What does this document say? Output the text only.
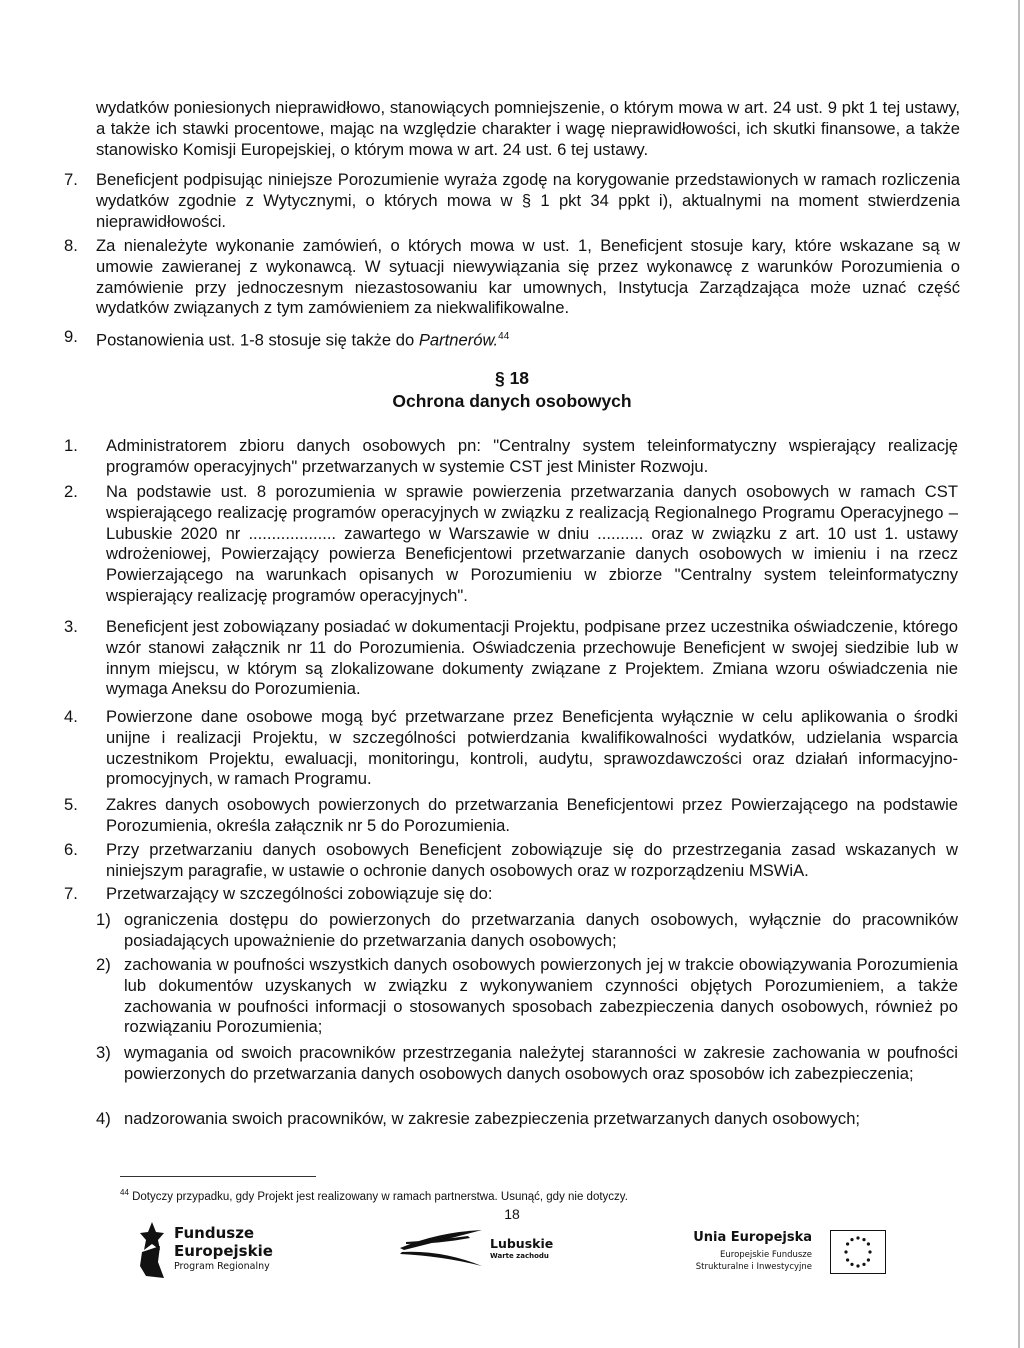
wydatków poniesionych nieprawidłowo, stanowiących pomniejszenie, o którym mowa w art. 24 ust. 9 pkt 1 tej ustawy, a także ich stawki procentowe, mając na względzie charakter i wagę nieprawidłowości, ich skutki finansowe, a także stanowisko Komisji Europejskiej, o którym mowa w art. 24 ust. 6 tej ustawy.
7. Beneficjent podpisując niniejsze Porozumienie wyraża zgodę na korygowanie przedstawionych w ramach rozliczenia wydatków zgodnie z Wytycznymi, o których mowa w § 1 pkt 34 ppkt i), aktualnymi na moment stwierdzenia nieprawidłowości.
8. Za nienależyte wykonanie zamówień, o których mowa w ust. 1, Beneficjent stosuje kary, które wskazane są w umowie zawieranej z wykonawcą. W sytuacji niewywiązania się przez wykonawcę z warunków Porozumienia o zamówienie przy jednoczesnym niezastosowaniu kar umownych, Instytucja Zarządzająca może uznać część wydatków związanych z tym zamówieniem za niekwalifikowalne.
9. Postanowienia ust. 1-8 stosuje się także do Partnerów.$^{44}$
§ 18
Ochrona danych osobowych
1. Administratorem zbioru danych osobowych pn: "Centralny system teleinformatyczny wspierający realizację programów operacyjnych" przetwarzanych w systemie CST jest Minister Rozwoju.
2. Na podstawie ust. 8 porozumienia w sprawie powierzenia przetwarzania danych osobowych w ramach CST wspierającego realizację programów operacyjnych w związku z realizacją Regionalnego Programu Operacyjnego – Lubuskie 2020 nr ................... zawartego w Warszawie w dniu .......... oraz w związku z art. 10 ust 1. ustawy wdrożeniowej, Powierzający powierza Beneficjentowi przetwarzanie danych osobowych w imieniu i na rzecz Powierzającego na warunkach opisanych w Porozumieniu w zbiorze "Centralny system teleinformatyczny wspierający realizację programów operacyjnych".
3. Beneficjent jest zobowiązany posiadać w dokumentacji Projektu, podpisane przez uczestnika oświadczenie, którego wzór stanowi załącznik nr 11 do Porozumienia. Oświadczenia przechowuje Beneficjent w swojej siedzibie lub w innym miejscu, w którym są zlokalizowane dokumenty związane z Projektem. Zmiana wzoru oświadczenia nie wymaga Aneksu do Porozumienia.
4. Powierzone dane osobowe mogą być przetwarzane przez Beneficjenta wyłącznie w celu aplikowania o środki unijne i realizacji Projektu, w szczególności potwierdzania kwalifikowalności wydatków, udzielania wsparcia uczestnikom Projektu, ewaluacji, monitoringu, kontroli, audytu, sprawozdawczości oraz działań informacyjno-promocyjnych, w ramach Programu.
5. Zakres danych osobowych powierzonych do przetwarzania Beneficjentowi przez Powierzającego na podstawie Porozumienia, określa załącznik nr 5 do Porozumienia.
6. Przy przetwarzaniu danych osobowych Beneficjent zobowiązuje się do przestrzegania zasad wskazanych w niniejszym paragrafie, w ustawie o ochronie danych osobowych oraz w rozporządzeniu MSWiA.
7. Przetwarzający w szczególności zobowiązuje się do:
1) ograniczenia dostępu do powierzonych do przetwarzania danych osobowych, wyłącznie do pracowników posiadających upoważnienie do przetwarzania danych osobowych;
2) zachowania w poufności wszystkich danych osobowych powierzonych jej w trakcie obowiązywania Porozumienia lub dokumentów uzyskanych w związku z wykonywaniem czynności objętych Porozumieniem, a także zachowania w poufności informacji o stosowanych sposobach zabezpieczenia danych osobowych, również po rozwiązaniu Porozumienia;
3) wymagania od swoich pracowników przestrzegania należytej staranności w zakresie zachowania w poufności powierzonych do przetwarzania danych osobowych danych osobowych oraz sposobów ich zabezpieczenia;
4) nadzorowania swoich pracowników, w zakresie zabezpieczenia przetwarzanych danych osobowych;
$^{44}$ Dotyczy przypadku, gdy Projekt jest realizowany w ramach partnerstwa. Usunąć, gdy nie dotyczy.
18
Fundusze
Europejskie
Program Regionalny
Lubuskie
Warte zachodu
Unia Europejska
Europejskie Fundusze
Strukturalne i Inwestycyjne
